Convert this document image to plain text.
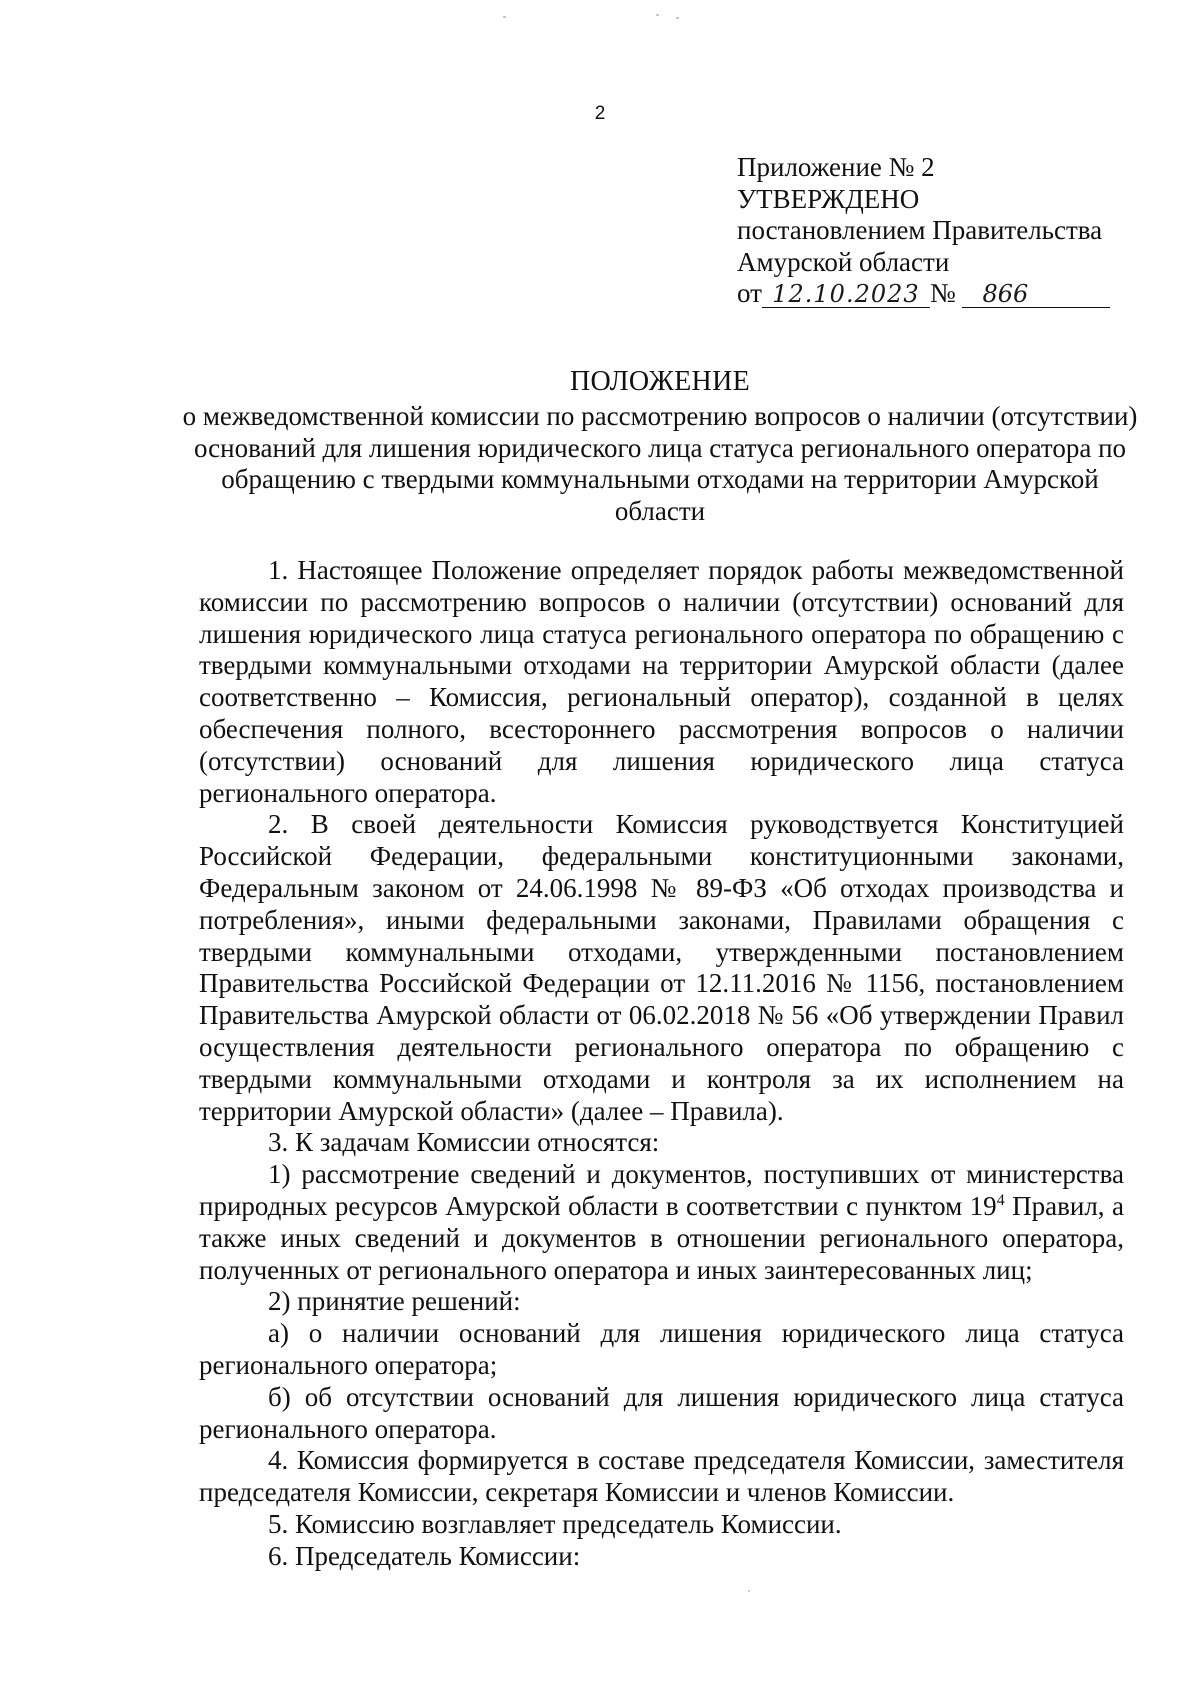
2
Приложение № 2
УТВЕРЖДЕНО
постановлением Правительства
Амурской области
от 12.10.2023 № 866
ПОЛОЖЕНИЕ
о межведомственной комиссии по рассмотрению вопросов о наличии (отсутствии) оснований для лишения юридического лица статуса регионального оператора по обращению с твердыми коммунальными отходами на территории Амурской области

1. Настоящее Положение определяет порядок работы межведомственной комиссии по рассмотрению вопросов о наличии (отсутствии) оснований для лишения юридического лица статуса регионального оператора по обращению с твердыми коммунальными отходами на территории Амурской области (далее соответственно – Комиссия, региональный оператор), созданной в целях обеспечения полного, всестороннего рассмотрения вопросов о наличии (отсутствии) оснований для лишения юридического лица статуса регионального оператора.

2. В своей деятельности Комиссия руководствуется Конституцией Российской Федерации, федеральными конституционными законами, Федеральным законом от 24.06.1998 № 89-ФЗ «Об отходах производства и потребления», иными федеральными законами, Правилами обращения с твердыми коммунальными отходами, утвержденными постановлением Правительства Российской Федерации от 12.11.2016 № 1156, постановлением Правительства Амурской области от 06.02.2018 № 56 «Об утверждении Правил осуществления деятельности регионального оператора по обращению с твердыми коммунальными отходами и контроля за их исполнением на территории Амурской области» (далее – Правила).

3. К задачам Комиссии относятся:

1) рассмотрение сведений и документов, поступивших от министерства природных ресурсов Амурской области в соответствии с пунктом $19^4$ Правил, а также иных сведений и документов в отношении регионального оператора, полученных от регионального оператора и иных заинтересованных лиц;

2) принятие решений:

а) о наличии оснований для лишения юридического лица статуса регионального оператора;

б) об отсутствии оснований для лишения юридического лица статуса регионального оператора.

4. Комиссия формируется в составе председателя Комиссии, заместителя председателя Комиссии, секретаря Комиссии и членов Комиссии.

5. Комиссию возглавляет председатель Комиссии.

6. Председатель Комиссии:
